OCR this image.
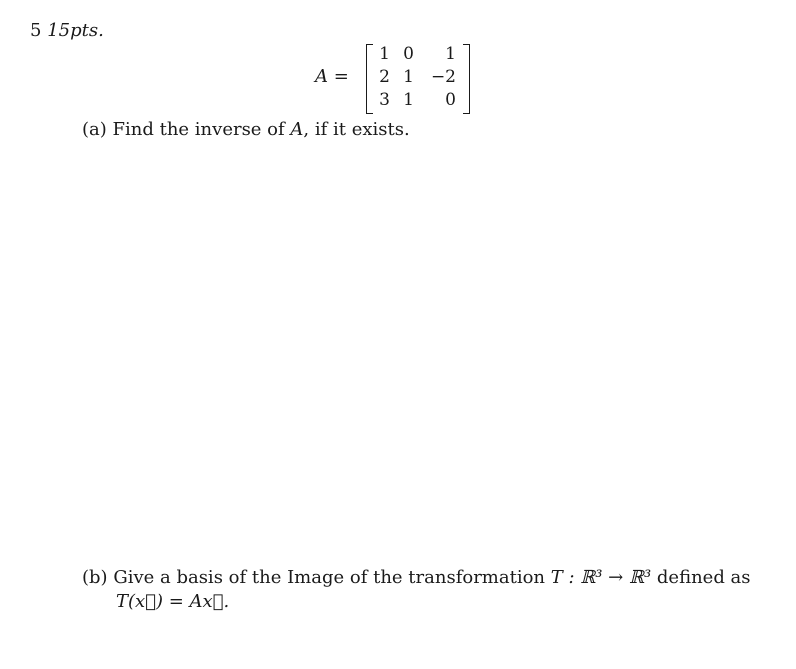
5 15pts.
A =
1 0	1
2 1 −2
3 1	0
(a) Find the inverse of A, if it exists.
(b) Give a basis of the Image of the transformation T : ℝ³ → ℝ³ defined as
T(x⃗) = Ax⃗.
